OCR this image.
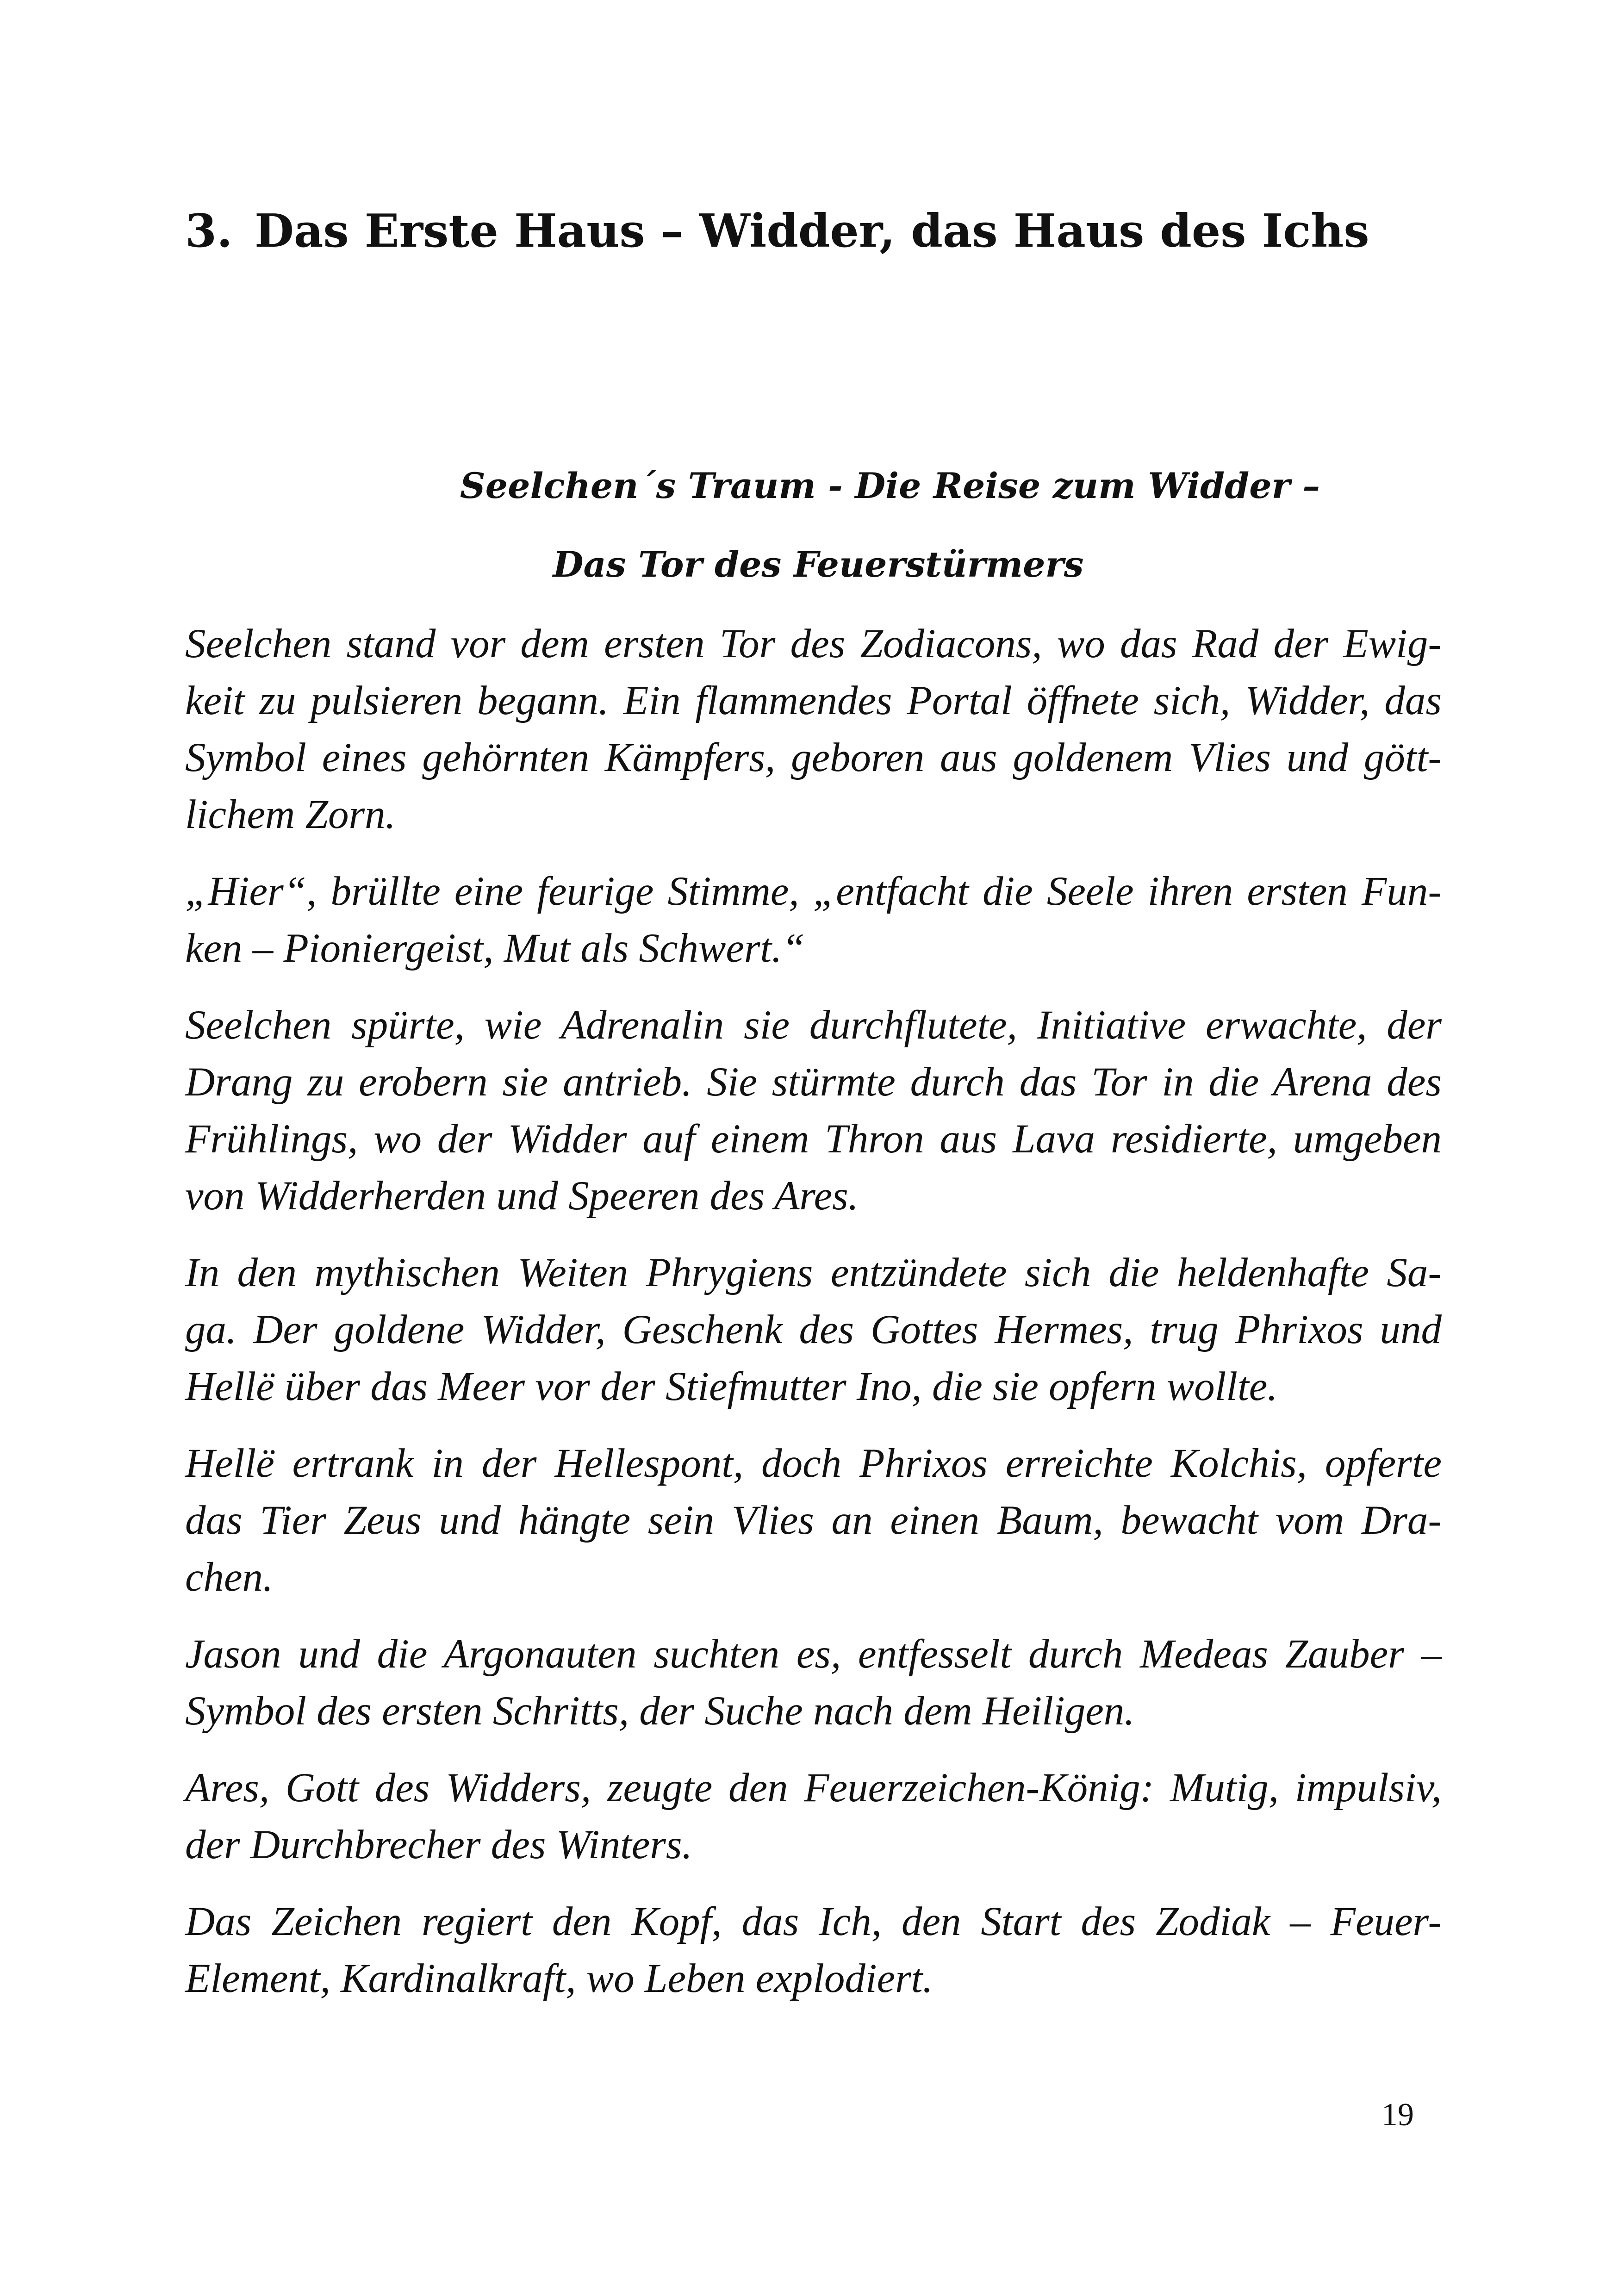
3. Das Erste Haus – Widder, das Haus des Ichs
Seelchen´s Traum - Die Reise zum Widder –
Das Tor des Feuerstürmers

Seelchen stand vor dem ersten Tor des Zodiacons, wo das Rad der Ewig-
keit zu pulsieren begann. Ein flammendes Portal öffnete sich, Widder, das
Symbol eines gehörnten Kämpfers, geboren aus goldenem Vlies und gött-
lichem Zorn.

„Hier“, brüllte eine feurige Stimme, „entfacht die Seele ihren ersten Fun-
ken – Pioniergeist, Mut als Schwert.“

Seelchen spürte, wie Adrenalin sie durchflutete, Initiative erwachte, der
Drang zu erobern sie antrieb. Sie stürmte durch das Tor in die Arena des
Frühlings, wo der Widder auf einem Thron aus Lava residierte, umgeben
von Widderherden und Speeren des Ares.

In den mythischen Weiten Phrygiens entzündete sich die heldenhafte Sa-
ga. Der goldene Widder, Geschenk des Gottes Hermes, trug Phrixos und
Hellë über das Meer vor der Stiefmutter Ino, die sie opfern wollte.

Hellë ertrank in der Hellespont, doch Phrixos erreichte Kolchis, opferte
das Tier Zeus und hängte sein Vlies an einen Baum, bewacht vom Dra-
chen.

Jason und die Argonauten suchten es, entfesselt durch Medeas Zauber –
Symbol des ersten Schritts, der Suche nach dem Heiligen.

Ares, Gott des Widders, zeugte den Feuerzeichen-König: Mutig, impulsiv,
der Durchbrecher des Winters.

Das Zeichen regiert den Kopf, das Ich, den Start des Zodiak – Feuer-
Element, Kardinalkraft, wo Leben explodiert.

19
